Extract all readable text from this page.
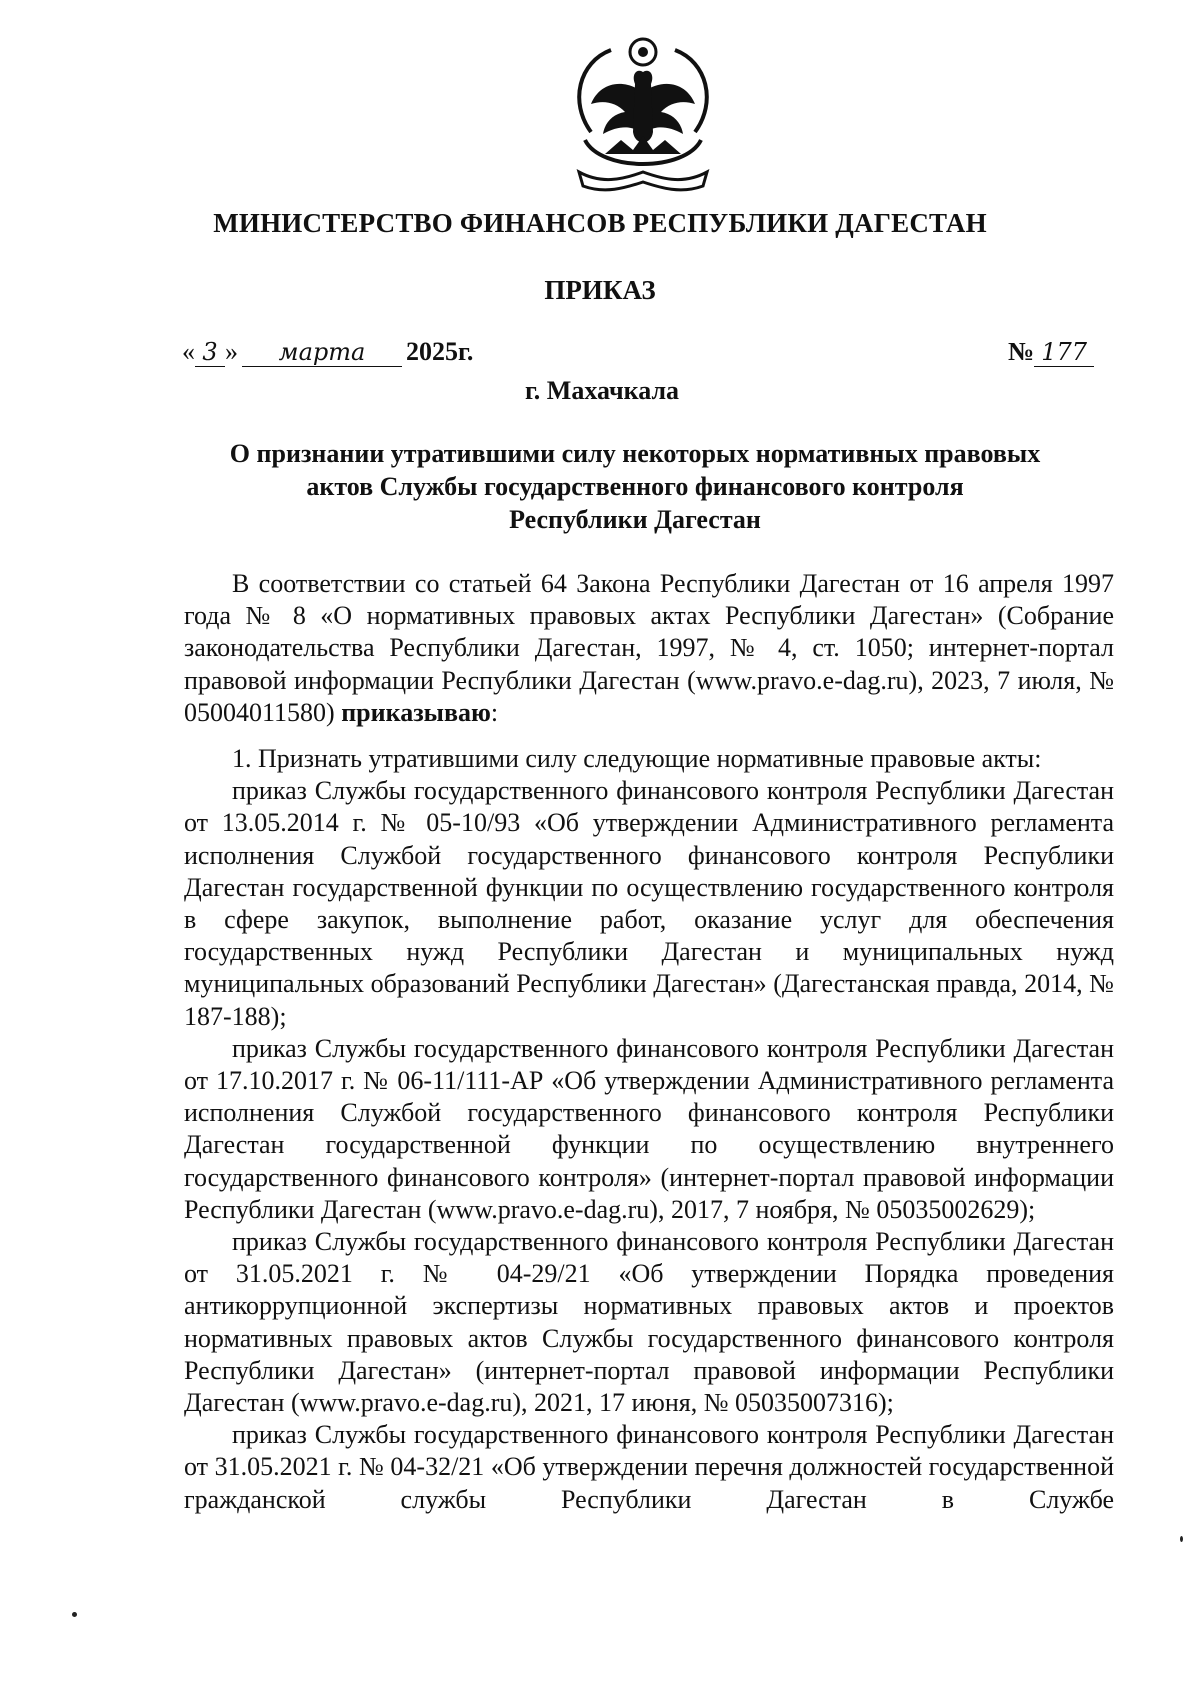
МИНИСТЕРСТВО ФИНАНСОВ РЕСПУБЛИКИ ДАГЕСТАН
ПРИКАЗ
« 3 » марта 2025г.	№ 177
г. Махачкала
О признании утратившими силу некоторых нормативных правовых
актов Службы государственного финансового контроля
Республики Дагестан

В соответствии со статьей 64 Закона Республики Дагестан от 16 апреля 1997 года № 8 «О нормативных правовых актах Республики Дагестан» (Собрание законодательства Республики Дагестан, 1997, № 4, ст. 1050; интернет-портал правовой информации Республики Дагестан (www.pravo.e-dag.ru), 2023, 7 июля, № 05004011580) приказываю:

1. Признать утратившими силу следующие нормативные правовые акты:

приказ Службы государственного финансового контроля Республики Дагестан от 13.05.2014 г. № 05-10/93 «Об утверждении Административного регламента исполнения Службой государственного финансового контроля Республики Дагестан государственной функции по осуществлению государственного контроля в сфере закупок, выполнение работ, оказание услуг для обеспечения государственных нужд Республики Дагестан и муниципальных нужд муниципальных образований Республики Дагестан» (Дагестанская правда, 2014, № 187-188);

приказ Службы государственного финансового контроля Республики Дагестан от 17.10.2017 г. № 06-11/111-АР «Об утверждении Административного регламента исполнения Службой государственного финансового контроля Республики Дагестан государственной функции по осуществлению внутреннего государственного финансового контроля» (интернет-портал правовой информации Республики Дагестан (www.pravo.e-dag.ru), 2017, 7 ноября, № 05035002629);

приказ Службы государственного финансового контроля Республики Дагестан от 31.05.2021 г. № 04-29/21 «Об утверждении Порядка проведения антикоррупционной экспертизы нормативных правовых актов и проектов нормативных правовых актов Службы государственного финансового контроля Республики Дагестан» (интернет-портал правовой информации Республики Дагестан (www.pravo.e-dag.ru), 2021, 17 июня, № 05035007316);

приказ Службы государственного финансового контроля Республики Дагестан от 31.05.2021 г. № 04-32/21 «Об утверждении перечня должностей государственной гражданской службы Республики Дагестан в Службе
